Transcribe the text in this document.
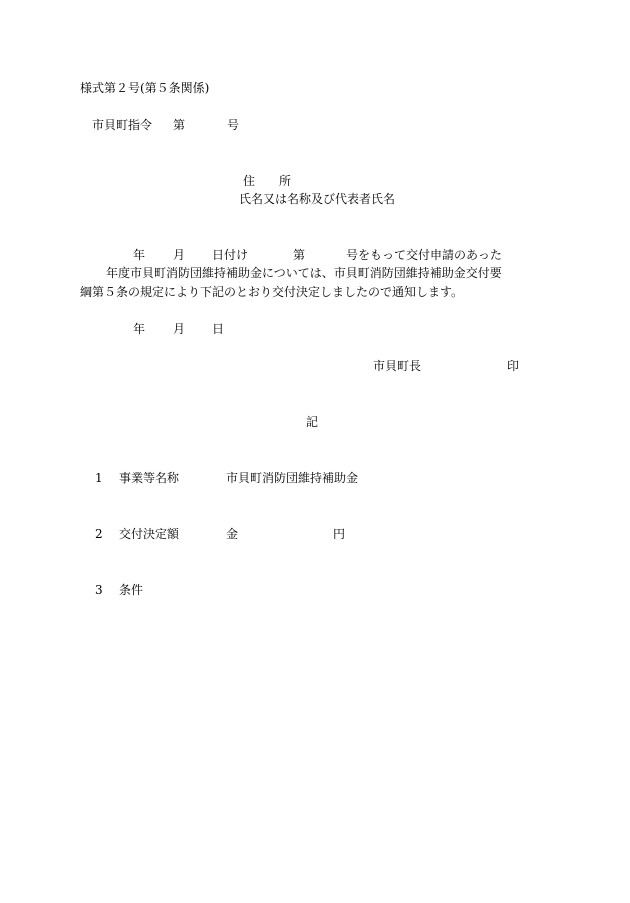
様式第２号(第５条関係)
市貝町指令 第	号
住 所
氏名又は名称及び代表者氏名
年 月 日付け	第	号をもって交付申請のあった
年度市貝町消防団維持補助金については、市貝町消防団維持補助金交付要
綱第５条の規定により下記のとおり交付決定しましたので通知します。
年 月 日
市貝町長	印
記
1 事業等名称	市貝町消防団維持補助金
2 交付決定額	金	円
3 条件
